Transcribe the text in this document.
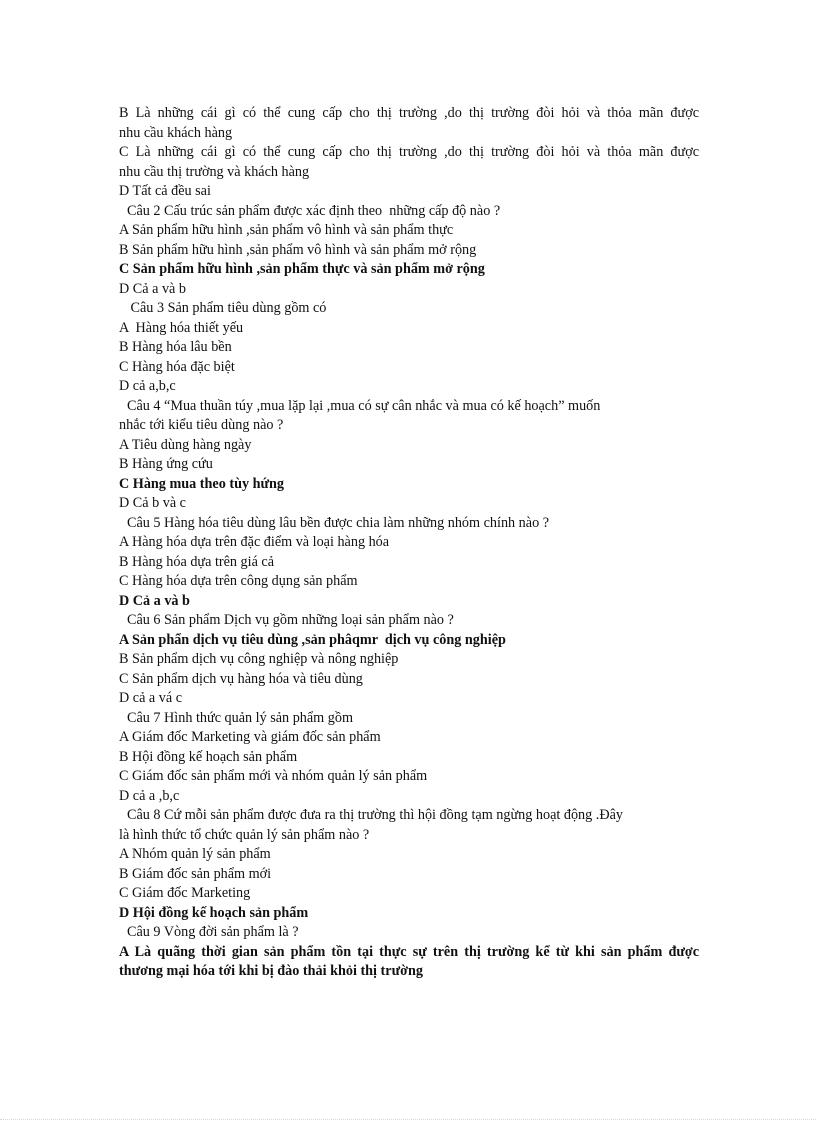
B Là những cái gì có thể cung cấp cho thị trường ,do thị trường đòi hỏi và thỏa mãn được
nhu cầu khách hàng
C Là những cái gì có thể cung cấp cho thị trường ,do thị trường đòi hỏi và thỏa mãn được
nhu cầu thị trường và khách hàng
D Tất cả đều sai
Câu 2 Cấu trúc sản phẩm được xác định theo  những cấp độ nào ?
A Sản phẩm hữu hình ,sản phẩm vô hình và sản phẩm thực
B Sản phẩm hữu hình ,sản phẩm vô hình và sản phẩm mở rộng
C Sản phẩm hữu hình ,sản phẩm thực và sản phẩm mở rộng
D Cả a và b
Câu 3 Sản phẩm tiêu dùng gồm có
A  Hàng hóa thiết yếu
B Hàng hóa lâu bền
C Hàng hóa đặc biệt
D cả a,b,c
Câu 4 “Mua thuần túy ,mua lặp lại ,mua có sự cân nhắc và mua có kế hoạch” muốn
nhắc tới kiểu tiêu dùng nào ?
A Tiêu dùng hàng ngày
B Hàng ứng cứu
C Hàng mua theo tùy hứng
D Cả b và c
Câu 5 Hàng hóa tiêu dùng lâu bền được chia làm những nhóm chính nào ?
A Hàng hóa dựa trên đặc điểm và loại hàng hóa
B Hàng hóa dựa trên giá cả
C Hàng hóa dựa trên công dụng sản phẩm
D Cả a và b
Câu 6 Sản phẩm Dịch vụ gồm những loại sản phẩm nào ?
A Sản phẩn dịch vụ tiêu dùng ,sản phâqmr  dịch vụ công nghiệp
B Sản phẩm dịch vụ công nghiệp và nông nghiệp
C Sản phẩm dịch vụ hàng hóa và tiêu dùng
D cả a vá c
Câu 7 Hình thức quản lý sản phẩm gồm
A Giám đốc Marketing và giám đốc sản phẩm
B Hội đồng kế hoạch sản phẩm
C Giám đốc sản phẩm mới và nhóm quản lý sản phẩm
D cả a ,b,c
Câu 8 Cứ mỗi sản phẩm được đưa ra thị trường thì hội đồng tạm ngừng hoạt động .Đây
là hình thức tổ chức quản lý sản phẩm nào ?
A Nhóm quản lý sản phẩm
B Giám đốc sản phẩm mới
C Giám đốc Marketing
D Hội đồng kế hoạch sản phẩm
Câu 9 Vòng đời sản phẩm là ?
A Là quãng thời gian sản phẩm tồn tại thực sự trên thị trường kể từ khi sản phẩm được
thương mại hóa tới khi bị đào thải khỏi thị trường
